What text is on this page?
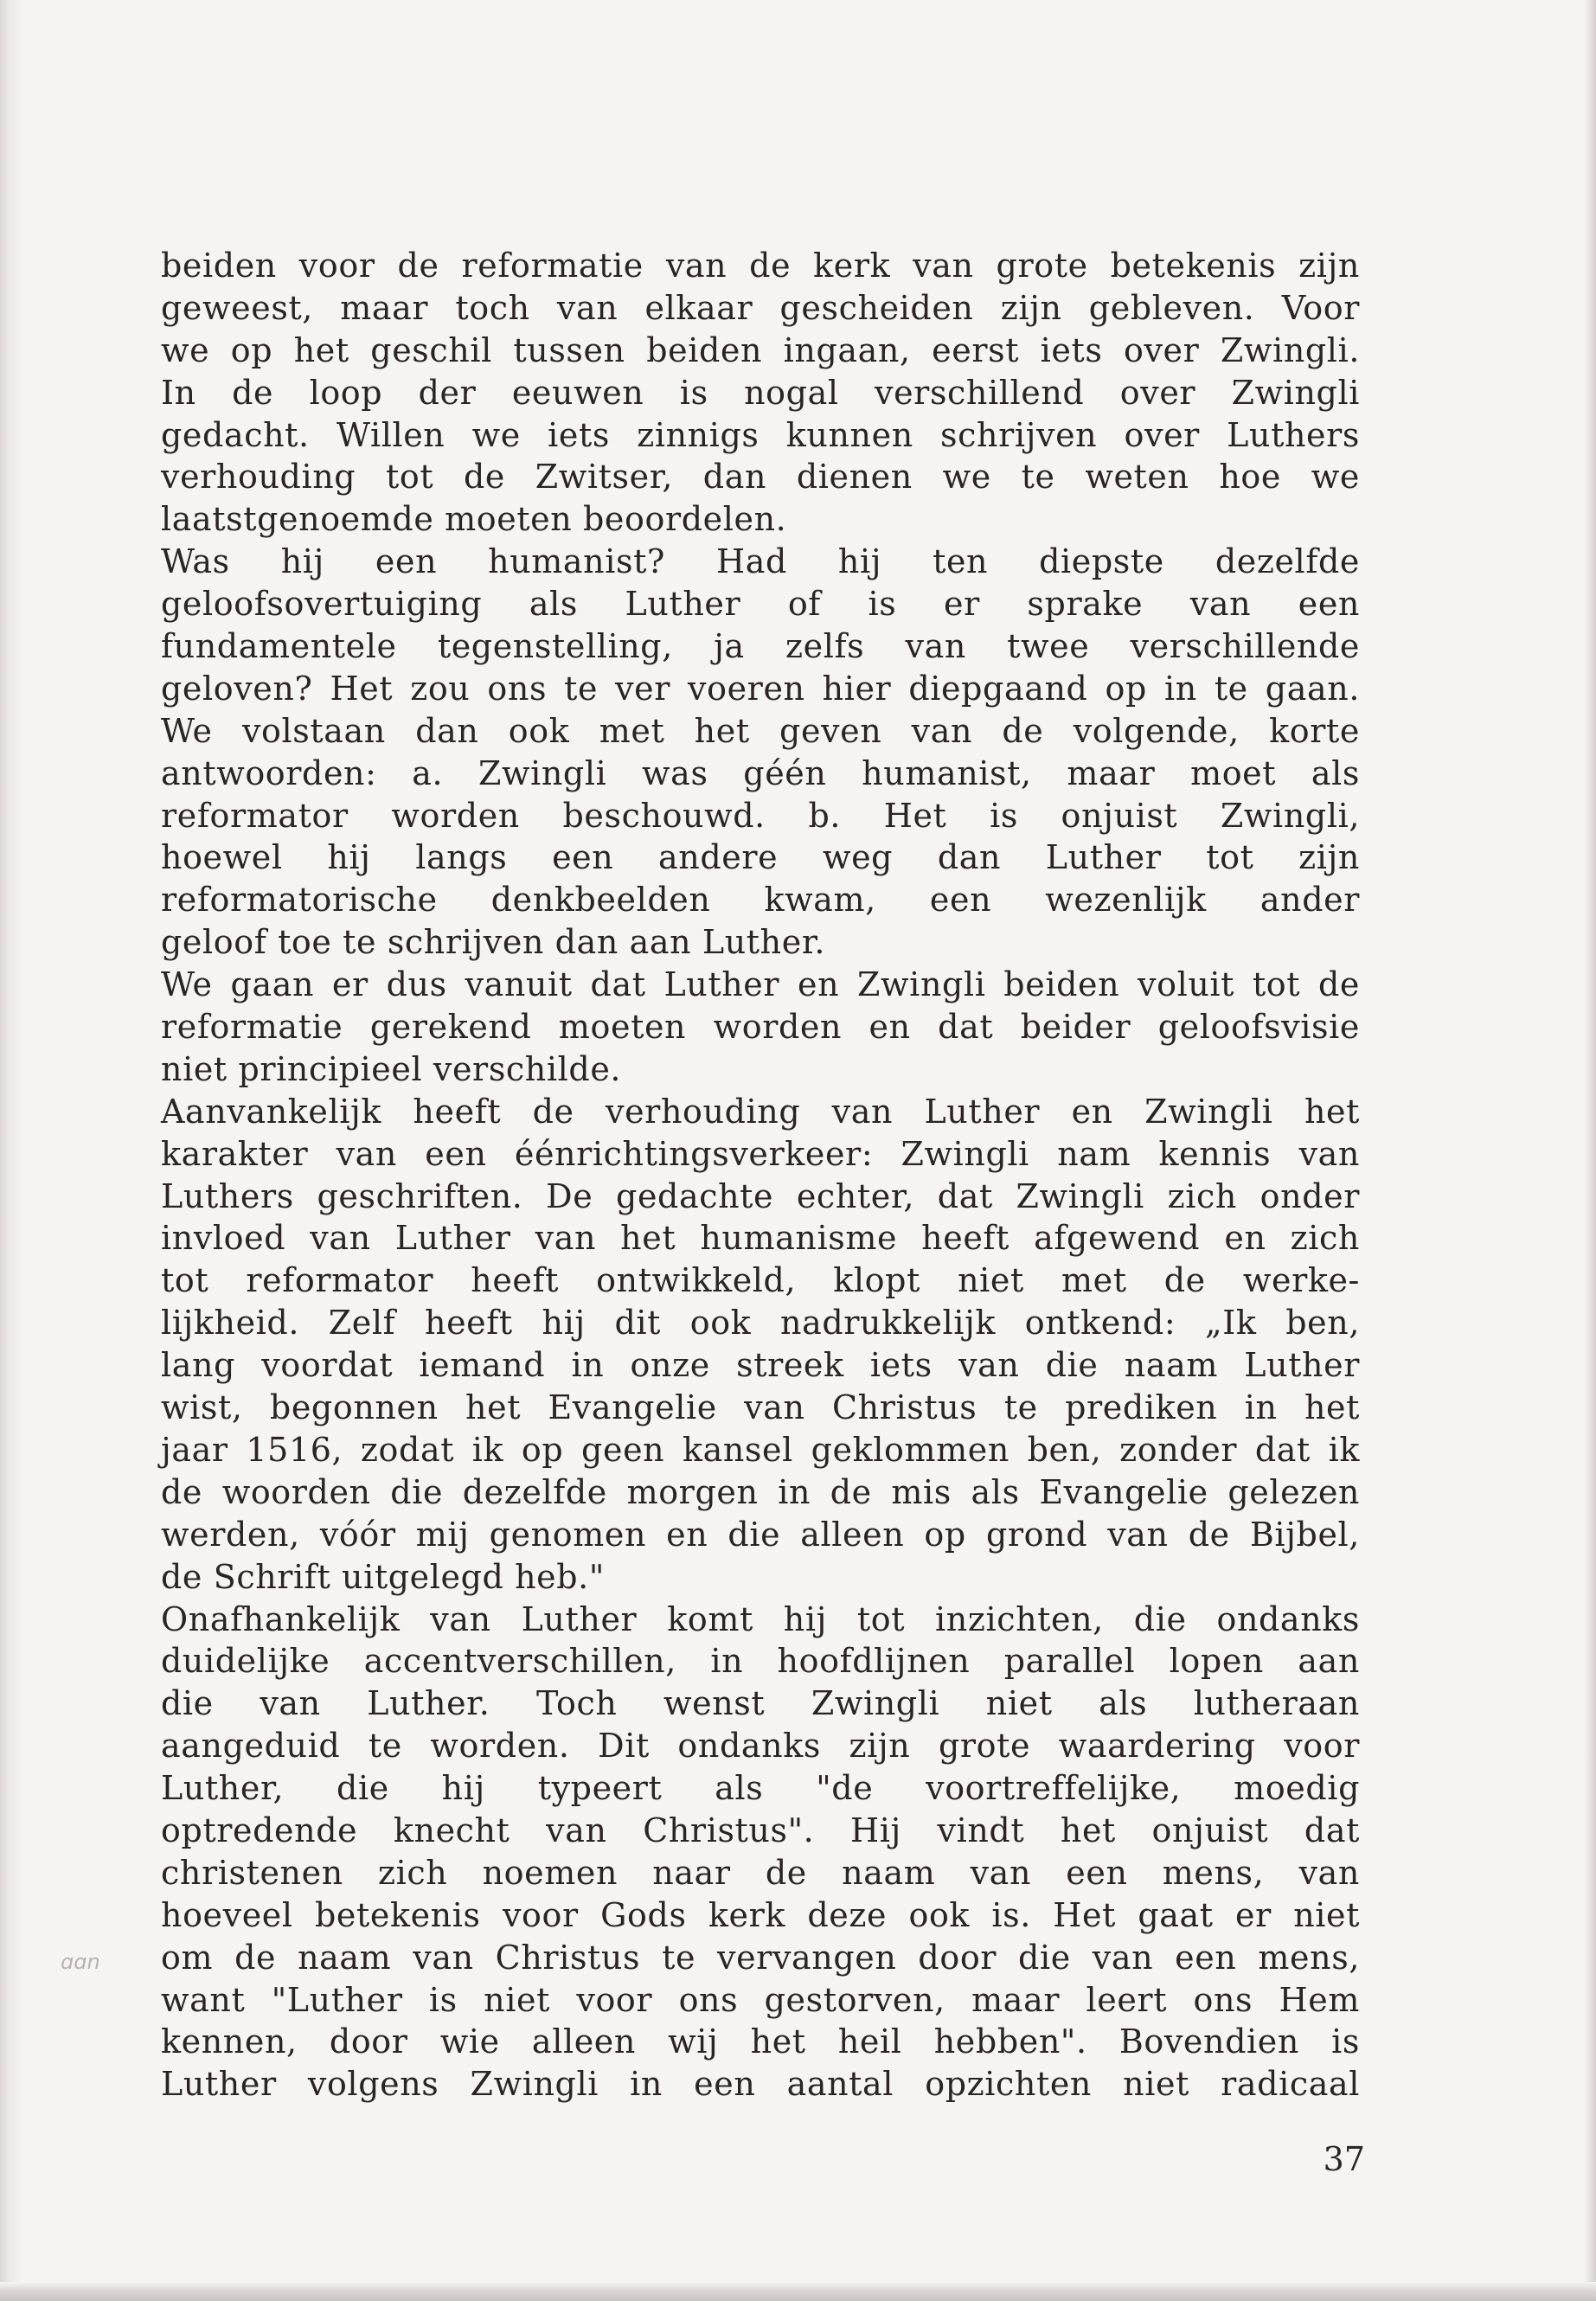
ɑɑn
beiden voor de reformatie van de kerk van grote betekenis zijn
geweest, maar toch van elkaar gescheiden zijn gebleven. Voor
we op het geschil tussen beiden ingaan, eerst iets over Zwingli.
In de loop der eeuwen is nogal verschillend over Zwingli
gedacht. Willen we iets zinnigs kunnen schrijven over Luthers
verhouding tot de Zwitser, dan dienen we te weten hoe we
laatstgenoemde moeten beoordelen.
Was hij een humanist? Had hij ten diepste dezelfde
geloofsovertuiging als Luther of is er sprake van een
fundamentele tegenstelling, ja zelfs van twee verschillende
geloven? Het zou ons te ver voeren hier diepgaand op in te gaan.
We volstaan dan ook met het geven van de volgende, korte
antwoorden: a. Zwingli was géén humanist, maar moet als
reformator worden beschouwd. b. Het is onjuist Zwingli,
hoewel hij langs een andere weg dan Luther tot zijn
reformatorische denkbeelden kwam, een wezenlijk ander
geloof toe te schrijven dan aan Luther.
We gaan er dus vanuit dat Luther en Zwingli beiden voluit tot de
reformatie gerekend moeten worden en dat beider geloofsvisie
niet principieel verschilde.
Aanvankelijk heeft de verhouding van Luther en Zwingli het
karakter van een éénrichtingsverkeer: Zwingli nam kennis van
Luthers geschriften. De gedachte echter, dat Zwingli zich onder
invloed van Luther van het humanisme heeft afgewend en zich
tot reformator heeft ontwikkeld, klopt niet met de werke-
lijkheid. Zelf heeft hij dit ook nadrukkelijk ontkend: „Ik ben,
lang voordat iemand in onze streek iets van die naam Luther
wist, begonnen het Evangelie van Christus te prediken in het
jaar 1516, zodat ik op geen kansel geklommen ben, zonder dat ik
de woorden die dezelfde morgen in de mis als Evangelie gelezen
werden, vóór mij genomen en die alleen op grond van de Bijbel,
de Schrift uitgelegd heb."
Onafhankelijk van Luther komt hij tot inzichten, die ondanks
duidelijke accentverschillen, in hoofdlijnen parallel lopen aan
die van Luther. Toch wenst Zwingli niet als lutheraan
aangeduid te worden. Dit ondanks zijn grote waardering voor
Luther, die hij typeert als "de voortreffelijke, moedig
optredende knecht van Christus". Hij vindt het onjuist dat
christenen zich noemen naar de naam van een mens, van
hoeveel betekenis voor Gods kerk deze ook is. Het gaat er niet
om de naam van Christus te vervangen door die van een mens,
want "Luther is niet voor ons gestorven, maar leert ons Hem
kennen, door wie alleen wij het heil hebben". Bovendien is
Luther volgens Zwingli in een aantal opzichten niet radicaal
37
